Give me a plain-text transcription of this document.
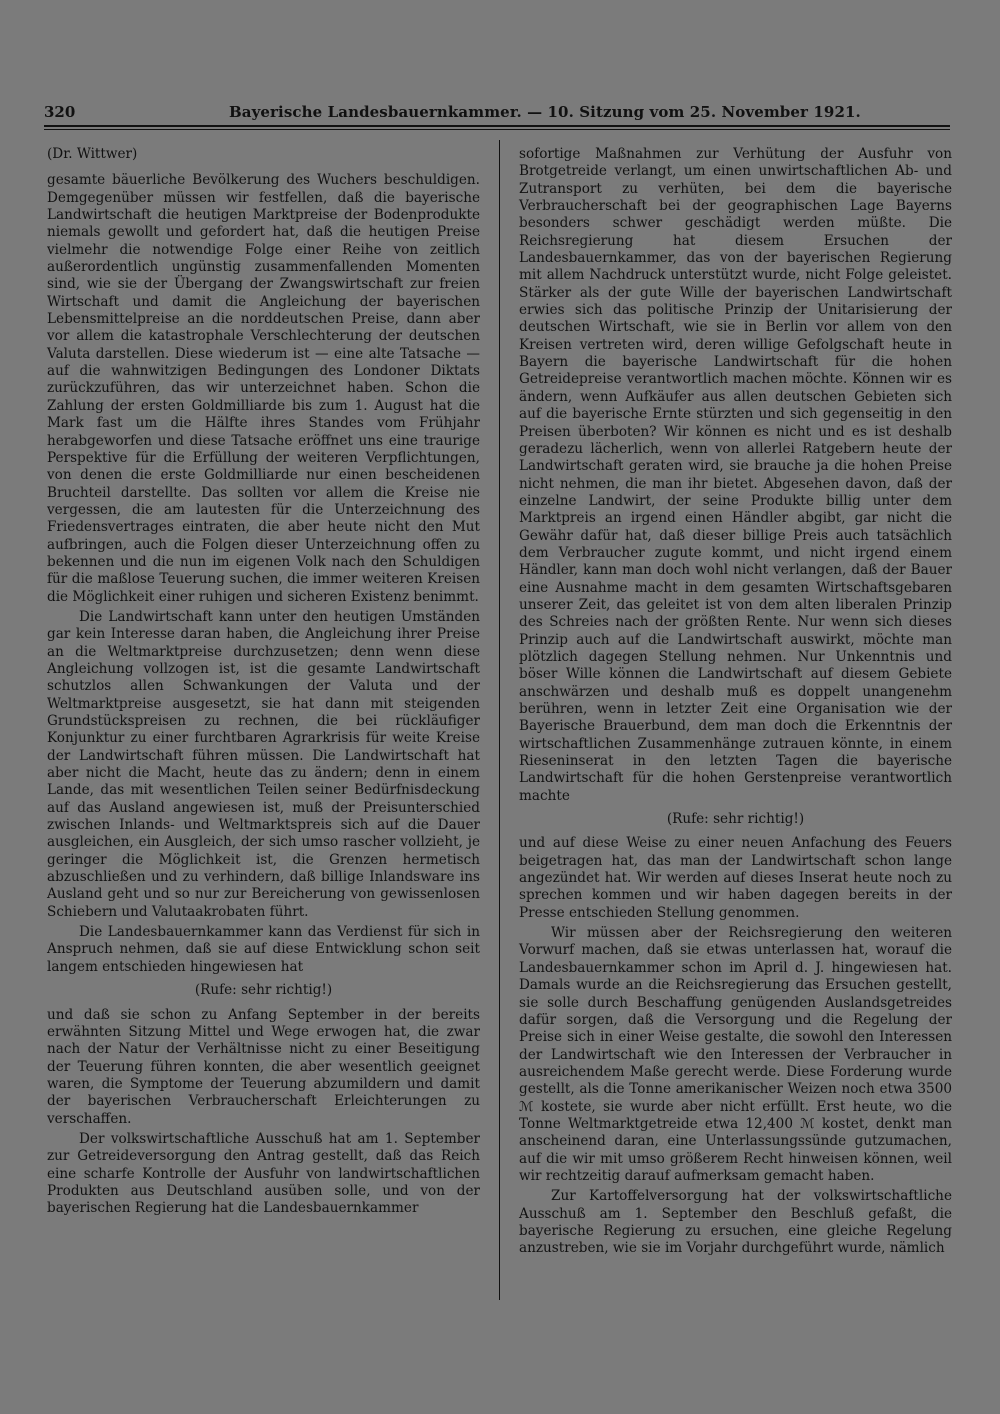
320	Bayerische Landesbauernkammer. — 10. Sitzung vom 25. November 1921.

(Dr. Wittwer)

gesamte bäuerliche Bevölkerung des Wuchers beschuldigen. Demgegenüber müssen wir festfellen, daß die bayerische Landwirtschaft die heutigen Marktpreise der Bodenprodukte niemals gewollt und gefordert hat, daß die heutigen Preise vielmehr die notwendige Folge einer Reihe von zeitlich außerordentlich ungünstig zusammenfallenden Momenten sind, wie sie der Übergang der Zwangswirtschaft zur freien Wirtschaft und damit die Angleichung der bayerischen Lebensmittelpreise an die norddeutschen Preise, dann aber vor allem die katastrophale Verschlechterung der deutschen Valuta darstellen. Diese wiederum ist — eine alte Tatsache — auf die wahnwitzigen Bedingungen des Londoner Diktats zurückzuführen, das wir unterzeichnet haben. Schon die Zahlung der ersten Goldmilliarde bis zum 1. August hat die Mark fast um die Hälfte ihres Standes vom Frühjahr herabgeworfen und diese Tatsache eröffnet uns eine traurige Perspektive für die Erfüllung der weiteren Verpflichtungen, von denen die erste Goldmilliarde nur einen bescheidenen Bruchteil darstellte. Das sollten vor allem die Kreise nie vergessen, die am lautesten für die Unterzeichnung des Friedensvertrages eintraten, die aber heute nicht den Mut aufbringen, auch die Folgen dieser Unterzeichnung offen zu bekennen und die nun im eigenen Volk nach den Schuldigen für die maßlose Teuerung suchen, die immer weiteren Kreisen die Möglichkeit einer ruhigen und sicheren Existenz benimmt.

Die Landwirtschaft kann unter den heutigen Umständen gar kein Interesse daran haben, die Angleichung ihrer Preise an die Weltmarktpreise durchzusetzen; denn wenn diese Angleichung vollzogen ist, ist die gesamte Landwirtschaft schutzlos allen Schwankungen der Valuta und der Weltmarktpreise ausgesetzt, sie hat dann mit steigenden Grundstückspreisen zu rechnen, die bei rückläufiger Konjunktur zu einer furchtbaren Agrarkrisis für weite Kreise der Landwirtschaft führen müssen. Die Landwirtschaft hat aber nicht die Macht, heute das zu ändern; denn in einem Lande, das mit wesentlichen Teilen seiner Bedürfnisdeckung auf das Ausland angewiesen ist, muß der Preisunterschied zwischen Inlands- und Weltmarktspreis sich auf die Dauer ausgleichen, ein Ausgleich, der sich umso rascher vollzieht, je geringer die Möglichkeit ist, die Grenzen hermetisch abzuschließen und zu verhindern, daß billige Inlandsware ins Ausland geht und so nur zur Bereicherung von gewissenlosen Schiebern und Valutaakrobaten führt.

Die Landesbauernkammer kann das Verdienst für sich in Anspruch nehmen, daß sie auf diese Entwicklung schon seit langem entschieden hingewiesen hat

(Rufe: sehr richtig!)

und daß sie schon zu Anfang September in der bereits erwähnten Sitzung Mittel und Wege erwogen hat, die zwar nach der Natur der Verhältnisse nicht zu einer Beseitigung der Teuerung führen konnten, die aber wesentlich geeignet waren, die Symptome der Teuerung abzumildern und damit der bayerischen Verbraucherschaft Erleichterungen zu verschaffen.

Der volkswirtschaftliche Ausschuß hat am 1. September zur Getreideversorgung den Antrag gestellt, daß das Reich eine scharfe Kontrolle der Ausfuhr von landwirtschaftlichen Produkten aus Deutschland ausüben solle, und von der bayerischen Regierung hat die Landesbauernkammer

sofortige Maßnahmen zur Verhütung der Ausfuhr von Brotgetreide verlangt, um einen unwirtschaftlichen Ab- und Zutransport zu verhüten, bei dem die bayerische Verbraucherschaft bei der geographischen Lage Bayerns besonders schwer geschädigt werden müßte. Die Reichsregierung hat diesem Ersuchen der Landesbauernkammer, das von der bayerischen Regierung mit allem Nachdruck unterstützt wurde, nicht Folge geleistet. Stärker als der gute Wille der bayerischen Landwirtschaft erwies sich das politische Prinzip der Unitarisierung der deutschen Wirtschaft, wie sie in Berlin vor allem von den Kreisen vertreten wird, deren willige Gefolgschaft heute in Bayern die bayerische Landwirtschaft für die hohen Getreidepreise verantwortlich machen möchte. Können wir es ändern, wenn Aufkäufer aus allen deutschen Gebieten sich auf die bayerische Ernte stürzten und sich gegenseitig in den Preisen überboten? Wir können es nicht und es ist deshalb geradezu lächerlich, wenn von allerlei Ratgebern heute der Landwirtschaft geraten wird, sie brauche ja die hohen Preise nicht nehmen, die man ihr bietet. Abgesehen davon, daß der einzelne Landwirt, der seine Produkte billig unter dem Marktpreis an irgend einen Händler abgibt, gar nicht die Gewähr dafür hat, daß dieser billige Preis auch tatsächlich dem Verbraucher zugute kommt, und nicht irgend einem Händler, kann man doch wohl nicht verlangen, daß der Bauer eine Ausnahme macht in dem gesamten Wirtschaftsgebaren unserer Zeit, das geleitet ist von dem alten liberalen Prinzip des Schreies nach der größten Rente. Nur wenn sich dieses Prinzip auch auf die Landwirtschaft auswirkt, möchte man plötzlich dagegen Stellung nehmen. Nur Unkenntnis und böser Wille können die Landwirtschaft auf diesem Gebiete anschwärzen und deshalb muß es doppelt unangenehm berühren, wenn in letzter Zeit eine Organisation wie der Bayerische Brauerbund, dem man doch die Erkenntnis der wirtschaftlichen Zusammenhänge zutrauen könnte, in einem Rieseninserat in den letzten Tagen die bayerische Landwirtschaft für die hohen Gerstenpreise verantwortlich machte

(Rufe: sehr richtig!)

und auf diese Weise zu einer neuen Anfachung des Feuers beigetragen hat, das man der Landwirtschaft schon lange angezündet hat. Wir werden auf dieses Inserat heute noch zu sprechen kommen und wir haben dagegen bereits in der Presse entschieden Stellung genommen.

Wir müssen aber der Reichsregierung den weiteren Vorwurf machen, daß sie etwas unterlassen hat, worauf die Landesbauernkammer schon im April d. J. hingewiesen hat. Damals wurde an die Reichsregierung das Ersuchen gestellt, sie solle durch Beschaffung genügenden Auslandsgetreides dafür sorgen, daß die Versorgung und die Regelung der Preise sich in einer Weise gestalte, die sowohl den Interessen der Landwirtschaft wie den Interessen der Verbraucher in ausreichendem Maße gerecht werde. Diese Forderung wurde gestellt, als die Tonne amerikanischer Weizen noch etwa 3500 ℳ kostete, sie wurde aber nicht erfüllt. Erst heute, wo die Tonne Weltmarktgetreide etwa 12,400 ℳ kostet, denkt man anscheinend daran, eine Unterlassungssünde gutzumachen, auf die wir mit umso größerem Recht hinweisen können, weil wir rechtzeitig darauf aufmerksam gemacht haben.

Zur Kartoffelversorgung hat der volkswirtschaftliche Ausschuß am 1. September den Beschluß gefaßt, die bayerische Regierung zu ersuchen, eine gleiche Regelung anzustreben, wie sie im Vorjahr durchgeführt wurde, nämlich
